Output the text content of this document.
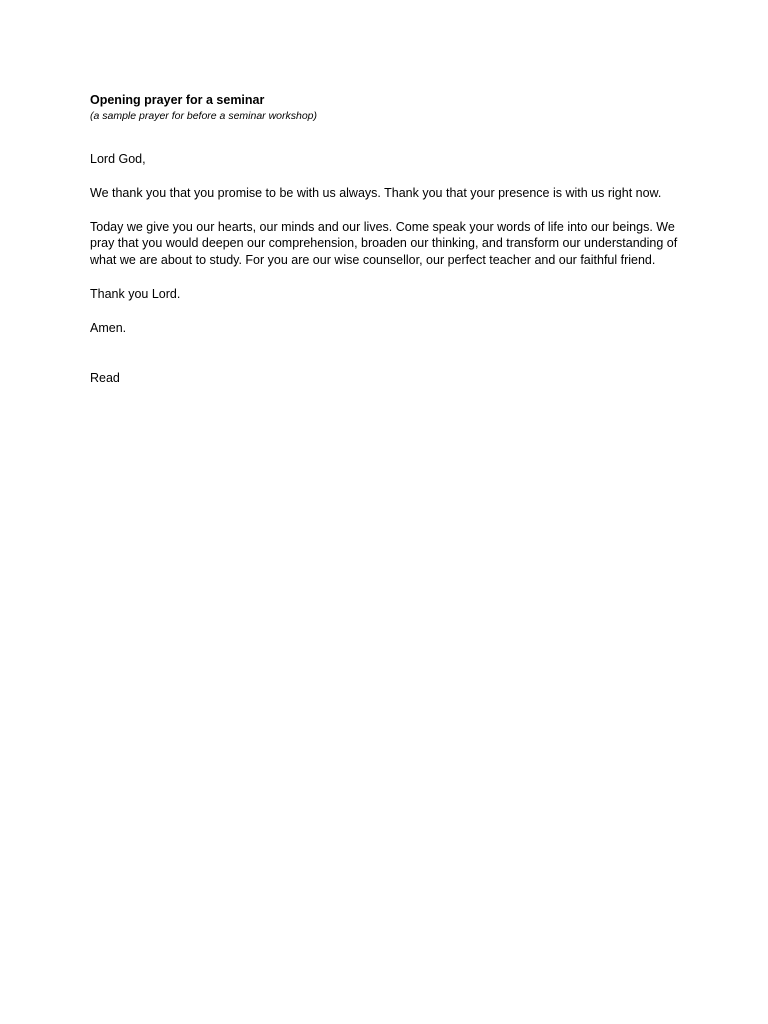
Opening prayer for a seminar

(a sample prayer for before a seminar workshop)

Lord God,

We thank you that you promise to be with us always. Thank you that your presence is with us right now.

Today we give you our hearts, our minds and our lives. Come speak your words of life into our beings. We pray that you would deepen our comprehension, broaden our thinking, and transform our understanding of what we are about to study. For you are our wise counsellor, our perfect teacher and our faithful friend.

Thank you Lord.

Amen.

Read
